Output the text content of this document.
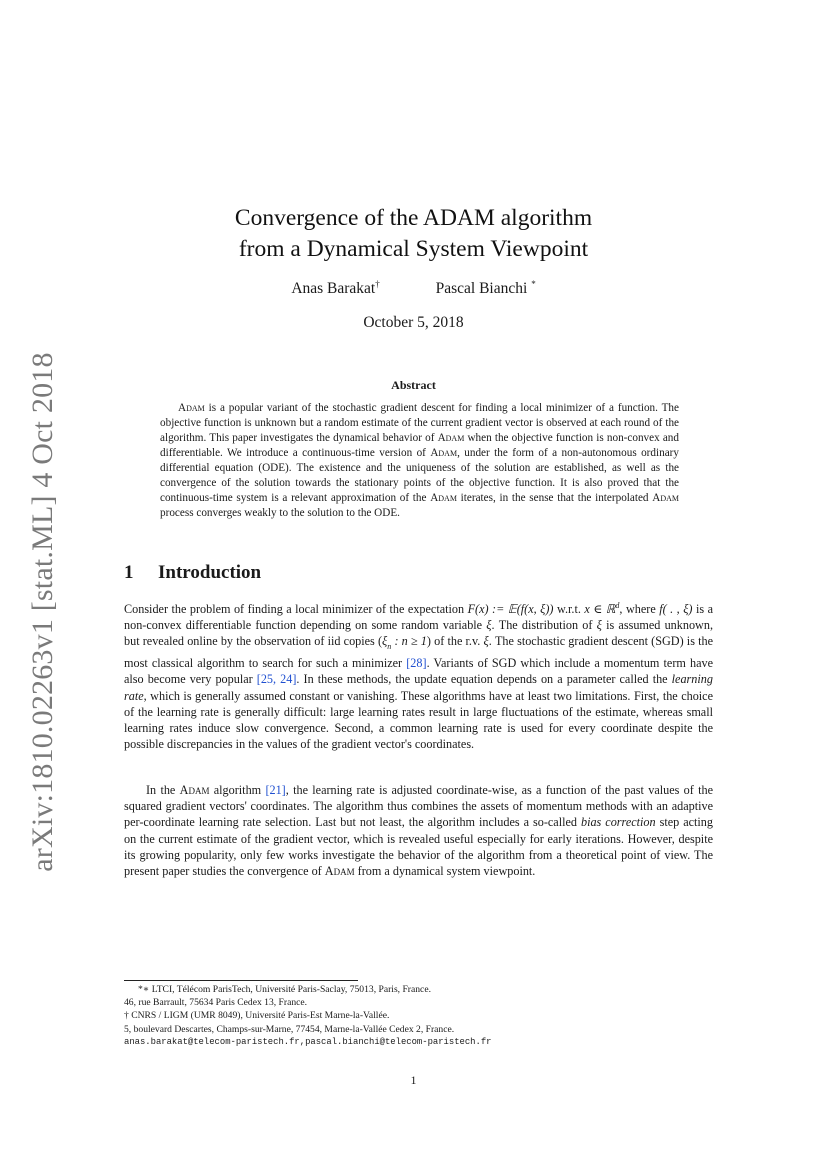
arXiv:1810.02263v1 [stat.ML] 4 Oct 2018
Convergence of the ADAM algorithm
from a Dynamical System Viewpoint
Anas Barakat†	Pascal Bianchi *
October 5, 2018
Abstract
Adam is a popular variant of the stochastic gradient descent for finding a local minimizer of a function. The objective function is unknown but a random estimate of the current gradient vector is observed at each round of the algorithm. This paper investigates the dynamical behavior of Adam when the objective function is non-convex and differentiable. We introduce a continuous-time version of Adam, under the form of a non-autonomous ordinary differential equation (ODE). The existence and the uniqueness of the solution are established, as well as the convergence of the solution towards the stationary points of the objective function. It is also proved that the continuous-time system is a relevant approximation of the Adam iterates, in the sense that the interpolated Adam process converges weakly to the solution to the ODE.
1 Introduction
Consider the problem of finding a local minimizer of the expectation F(x) := 𝔼(f(x, ξ)) w.r.t. x ∈ ℝ$^d$, where f( . , ξ) is a non-convex differentiable function depending on some random variable ξ. The distribution of ξ is assumed unknown, but revealed online by the observation of iid copies ($\xi_n$ : n ≥ 1) of the r.v. ξ. The stochastic gradient descent (SGD) is the most classical algorithm to search for such a minimizer [28]. Variants of SGD which include a momentum term have also become very popular [25, 24]. In these methods, the update equation depends on a parameter called the learning rate, which is generally assumed constant or vanishing. These algorithms have at least two limitations. First, the choice of the learning rate is generally difficult: large learning rates result in large fluctuations of the estimate, whereas small learning rates induce slow convergence. Second, a common learning rate is used for every coordinate despite the possible discrepancies in the values of the gradient vector's coordinates.
In the Adam algorithm [21], the learning rate is adjusted coordinate-wise, as a function of the past values of the squared gradient vectors' coordinates. The algorithm thus combines the assets of momentum methods with an adaptive per-coordinate learning rate selection. Last but not least, the algorithm includes a so-called bias correction step acting on the current estimate of the gradient vector, which is revealed useful especially for early iterations. However, despite its growing popularity, only few works investigate the behavior of the algorithm from a theoretical point of view. The present paper studies the convergence of Adam from a dynamical system viewpoint.
*∗ LTCI, Télécom ParisTech, Université Paris-Saclay, 75013, Paris, France.
46, rue Barrault, 75634 Paris Cedex 13, France.
† CNRS / LIGM (UMR 8049), Université Paris-Est Marne-la-Vallée.
5, boulevard Descartes, Champs-sur-Marne, 77454, Marne-la-Vallée Cedex 2, France.
anas.barakat@telecom-paristech.fr,pascal.bianchi@telecom-paristech.fr
1
